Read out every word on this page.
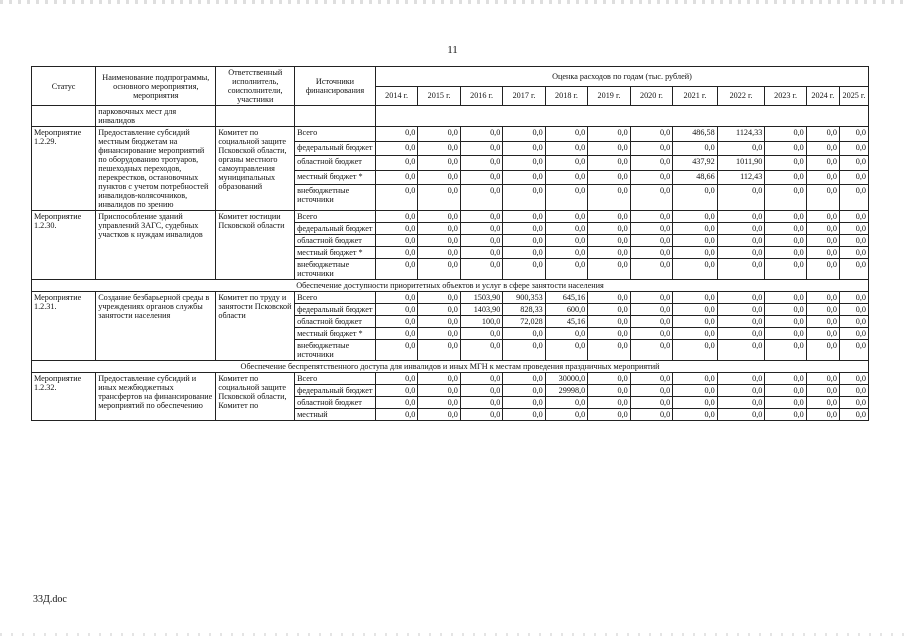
11
Статус	Наименование подпрограммы, основного мероприятия, мероприятия	Ответственный исполнитель, соисполнители, участники	Источники финансирования	Оценка расходов по годам (тыс. рублей)											
				2014 г.	2015 г.	2016 г.	2017 г.	2018 г.	2019 г.	2020 г.	2021 г.	2022 г.	2023 г.	2024 г.	2025 г.
	парковочных мест для инвалидов														
Мероприятие 1.2.29.	Предоставление субсидий местным бюджетам на финансирование мероприятий по оборудованию тротуаров, пешеходных переходов, перекрестков, остановочных пунктов с учетом потребностей инвалидов-колясочников, инвалидов по зрению	Комитет по социальной защите Псковской области, органы местного самоуправления муниципальных образований	Всего	0,0	0,0	0,0	0,0	0,0	0,0	0,0	486,58	1124,33	0,0	0,0	0,0
			федеральный бюджет	0,0	0,0	0,0	0,0	0,0	0,0	0,0	0,0	0,0	0,0	0,0	0,0
			областной бюджет	0,0	0,0	0,0	0,0	0,0	0,0	0,0	437,92	1011,90	0,0	0,0	0,0
			местный бюджет *	0,0	0,0	0,0	0,0	0,0	0,0	0,0	48,66	112,43	0,0	0,0	0,0
			внебюджетные источники	0,0	0,0	0,0	0,0	0,0	0,0	0,0	0,0	0,0	0,0	0,0	0,0
Мероприятие 1.2.30.	Приспособление зданий управлений ЗАГС, судебных участков к нуждам инвалидов	Комитет юстиции Псковской области	Всего	0,0	0,0	0,0	0,0	0,0	0,0	0,0	0,0	0,0	0,0	0,0	0,0
			федеральный бюджет	0,0	0,0	0,0	0,0	0,0	0,0	0,0	0,0	0,0	0,0	0,0	0,0
			областной бюджет	0,0	0,0	0,0	0,0	0,0	0,0	0,0	0,0	0,0	0,0	0,0	0,0
			местный бюджет *	0,0	0,0	0,0	0,0	0,0	0,0	0,0	0,0	0,0	0,0	0,0	0,0
			внебюджетные источники	0,0	0,0	0,0	0,0	0,0	0,0	0,0	0,0	0,0	0,0	0,0	0,0
Обеспечение доступности приоритетных объектов и услуг в сфере занятости населения															
Мероприятие 1.2.31.	Создание безбарьерной среды в учреждениях органов службы занятости населения	Комитет по труду и занятости Псковской области	Всего	0,0	0,0	1503,90	900,353	645,16	0,0	0,0	0,0	0,0	0,0	0,0	0,0
			федеральный бюджет	0,0	0,0	1403,90	828,33	600,0	0,0	0,0	0,0	0,0	0,0	0,0	0,0
			областной бюджет	0,0	0,0	100,0	72,028	45,16	0,0	0,0	0,0	0,0	0,0	0,0	0,0
			местный бюджет *	0,0	0,0	0,0	0,0	0,0	0,0	0,0	0,0	0,0	0,0	0,0	0,0
			внебюджетные источники	0,0	0,0	0,0	0,0	0,0	0,0	0,0	0,0	0,0	0,0	0,0	0,0
Обеспечение беспрепятственного доступа для инвалидов и иных МГН к местам проведения праздничных мероприятий															
Мероприятие 1.2.32.	Предоставление субсидий и иных межбюджетных трансфертов на финансирование мероприятий по обеспечению	Комитет по социальной защите Псковской области, Комитет по	Всего	0,0	0,0	0,0	0,0	30000,0	0,0	0,0	0,0	0,0	0,0	0,0	0,0
			федеральный бюджет	0,0	0,0	0,0	0,0	29998,0	0,0	0,0	0,0	0,0	0,0	0,0	0,0
			областной бюджет	0,0	0,0	0,0	0,0	0,0	0,0	0,0	0,0	0,0	0,0	0,0	0,0
			местный	0,0	0,0	0,0	0,0	0,0	0,0	0,0	0,0	0,0	0,0	0,0	0,0
33Д.doc
